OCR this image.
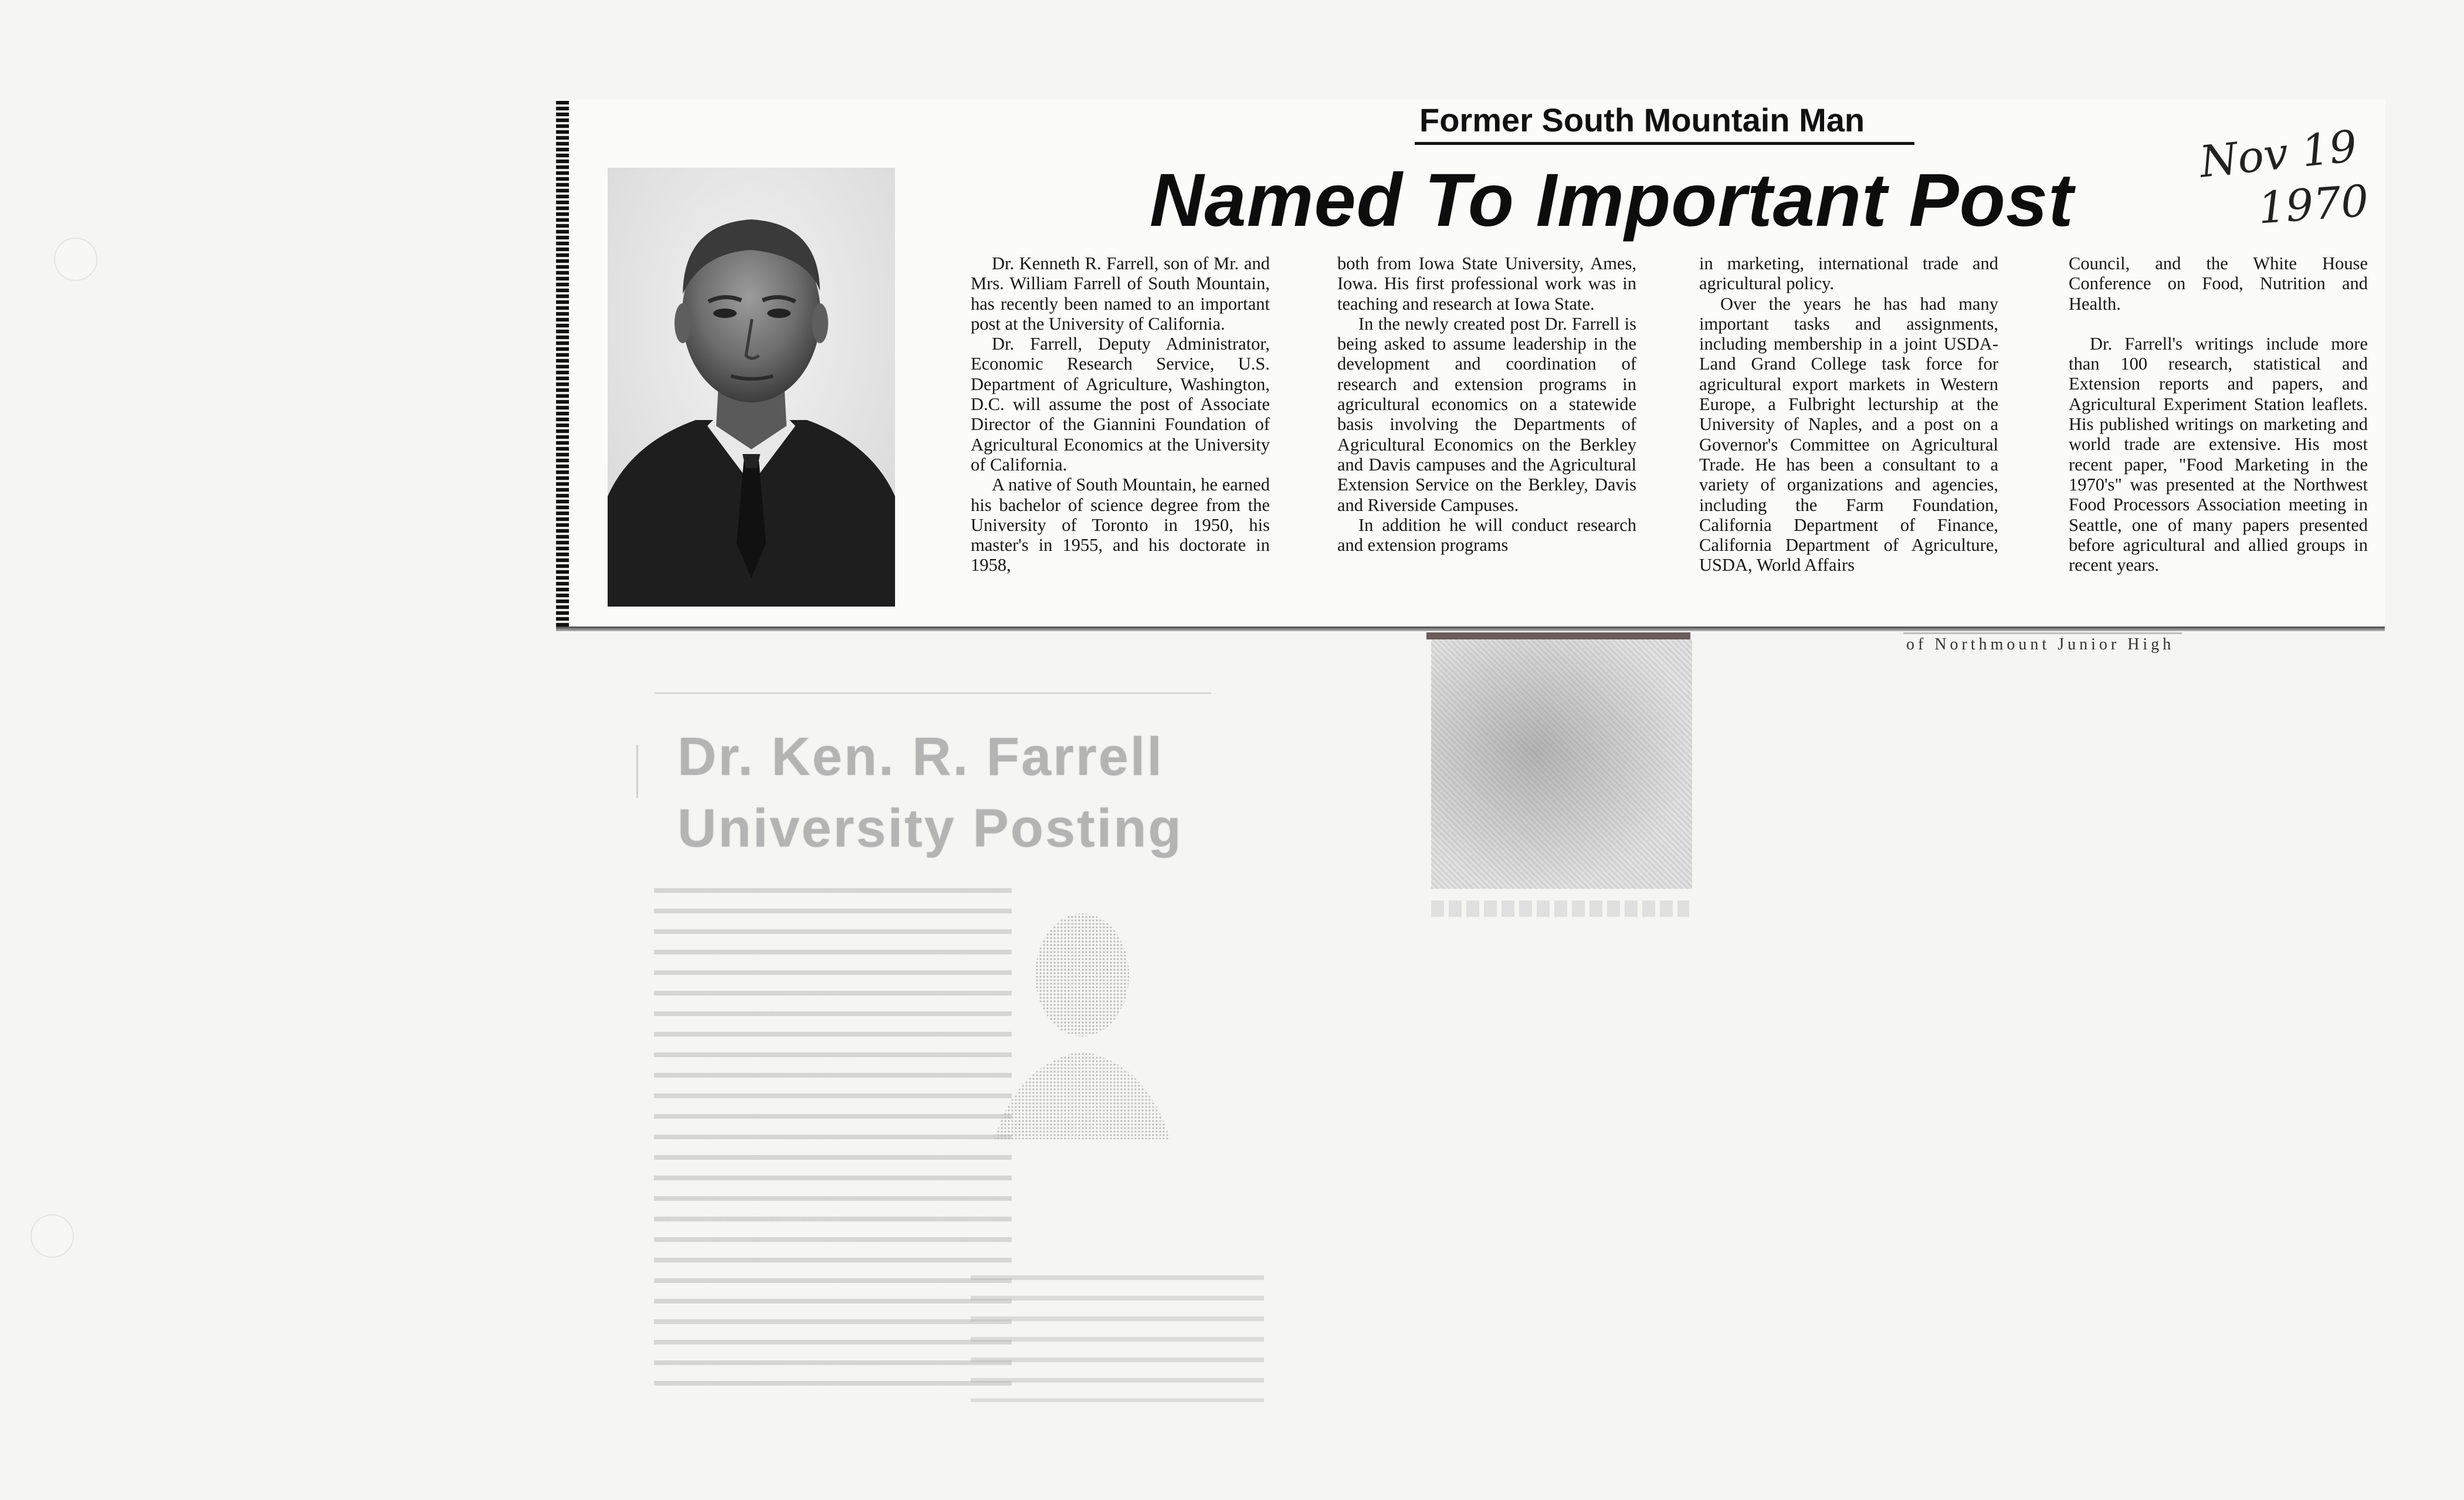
Former South Mountain Man
Named To Important Post
Nov 19
1970

Dr. Kenneth R. Farrell, son of Mr. and Mrs. William Farrell of South Mountain, has recently been named to an important post at the University of California.

Dr. Farrell, Deputy Administrator, Economic Research Service, U.S. Department of Agriculture, Washington, D.C. will assume the post of Associate Director of the Giannini Foundation of Agricultural Economics at the University of California.

A native of South Mountain, he earned his bachelor of science degree from the University of Toronto in 1950, his master's in 1955, and his doctorate in 1958,

both from Iowa State University, Ames, Iowa. His first professional work was in teaching and research at Iowa State.

In the newly created post Dr. Farrell is being asked to assume leadership in the development and coordination of research and extension programs in agricultural economics on a statewide basis involving the Departments of Agricultural Economics on the Berkley and Davis campuses and the Agricultural Extension Service on the Berkley, Davis and Riverside Campuses.

In addition he will conduct research and extension programs

in marketing, international trade and agricultural policy.

Over the years he has had many important tasks and assignments, including membership in a joint USDA-Land Grand College task force for agricultural export markets in Western Europe, a Fulbright lecturship at the University of Naples, and a post on a Governor's Committee on Agricultural Trade. He has been a consultant to a variety of organizations and agencies, including the Farm Foundation, California Department of Finance, California Department of Agriculture, USDA, World Affairs

Council, and the White House Conference on Food, Nutrition and Health.

Dr. Farrell's writings include more than 100 research, statistical and Extension reports and papers, and Agricultural Experiment Station leaflets. His published writings on marketing and world trade are extensive. His most recent paper, "Food Marketing in the 1970's" was presented at the Northwest Food Processors Association meeting in Seattle, one of many papers presented before agricultural and allied groups in recent years.

of Northmount Junior High
Dr. Ken. R. Farrell
University Posting
